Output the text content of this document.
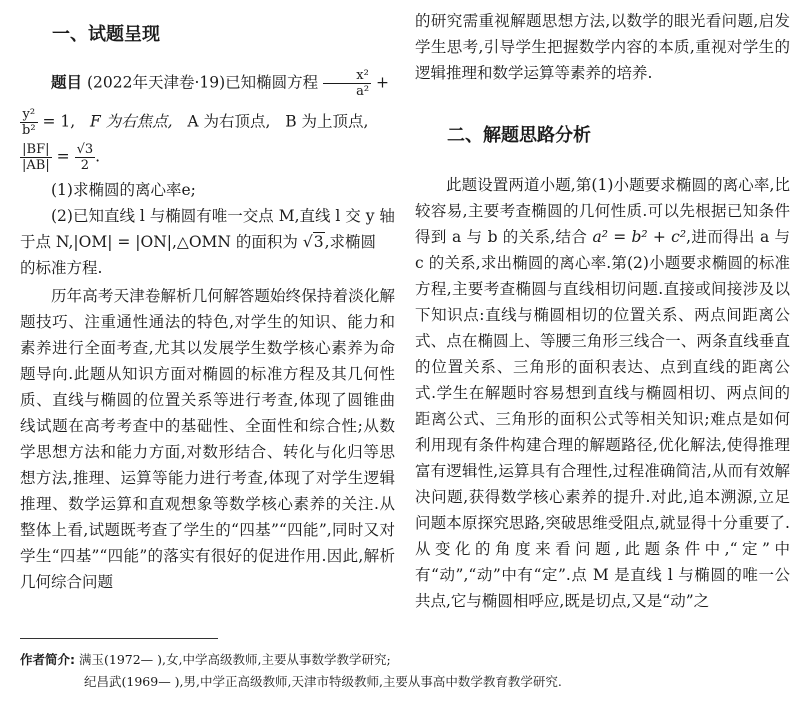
一、试题呈现

题目 (2022年天津卷·19)已知椭圆方程 $\frac{\text{x²}}{\text{a²}}$ +

$\frac{\text{y²}}{\text{b²}} = 1$, F 为右焦点, A 为右顶点, B 为上顶点,

$\frac{|BF|}{|AB|} = \frac{√3}{2}$ .

(1)求椭圆的离心率e;

(2)已知直线 l 与椭圆有唯一交点 M,直线 l 交 y 轴

于点 N,|OM| = |ON|,△OMN 的面积为 √3,求椭圆

的标准方程.

历年高考天津卷解析几何解答题始终保持着淡化解题技巧、注重通性通法的特色,对学生的知识、能力和素养进行全面考查,尤其以发展学生数学核心素养为命题导向.此题从知识方面对椭圆的标准方程及其几何性质、直线与椭圆的位置关系等进行考查,体现了圆锥曲线试题在高考考查中的基础性、全面性和综合性;从数学思想方法和能力方面,对数形结合、转化与化归等思想方法,推理、运算等能力进行考查,体现了对学生逻辑推理、数学运算和直观想象等数学核心素养的关注.从整体上看,试题既考查了学生的“四基”“四能”,同时又对学生“四基”“四能”的落实有很好的促进作用.因此,解析几何综合问题

的研究需重视解题思想方法,以数学的眼光看问题,启发学生思考,引导学生把握数学内容的本质,重视对学生的逻辑推理和数学运算等素养的培养.

二、解题思路分析

此题设置两道小题,第(1)小题要求椭圆的离心率,比较容易,主要考查椭圆的几何性质.可以先根据已知条件得到 a 与 b 的关系,结合 a² = b² + c²,进而得出 a 与 c 的关系,求出椭圆的离心率.第(2)小题要求椭圆的标准方程,主要考查椭圆与直线相切问题.直接或间接涉及以下知识点:直线与椭圆相切的位置关系、两点间距离公式、点在椭圆上、等腰三角形三线合一、两条直线垂直的位置关系、三角形的面积表达、点到直线的距离公式.学生在解题时容易想到直线与椭圆相切、两点间的距离公式、三角形的面积公式等相关知识;难点是如何利用现有条件构建合理的解题路径,优化解法,使得推理富有逻辑性,运算具有合理性,过程准确简洁,从而有效解决问题,获得数学核心素养的提升.对此,追本溯源,立足问题本原探究思路,突破思维受阻点,就显得十分重要了.从变化的角度来看问题,此题条件中,“定”中有“动”,“动”中有“定”.点 M 是直线 l 与椭圆的唯一公共点,它与椭圆相呼应,既是切点,又是“动”之

作者简介: 满玉(1972— ),女,中学高级教师,主要从事数学教学研究;
纪昌武(1969— ),男,中学正高级教师,天津市特级教师,主要从事高中数学教育教学研究.
